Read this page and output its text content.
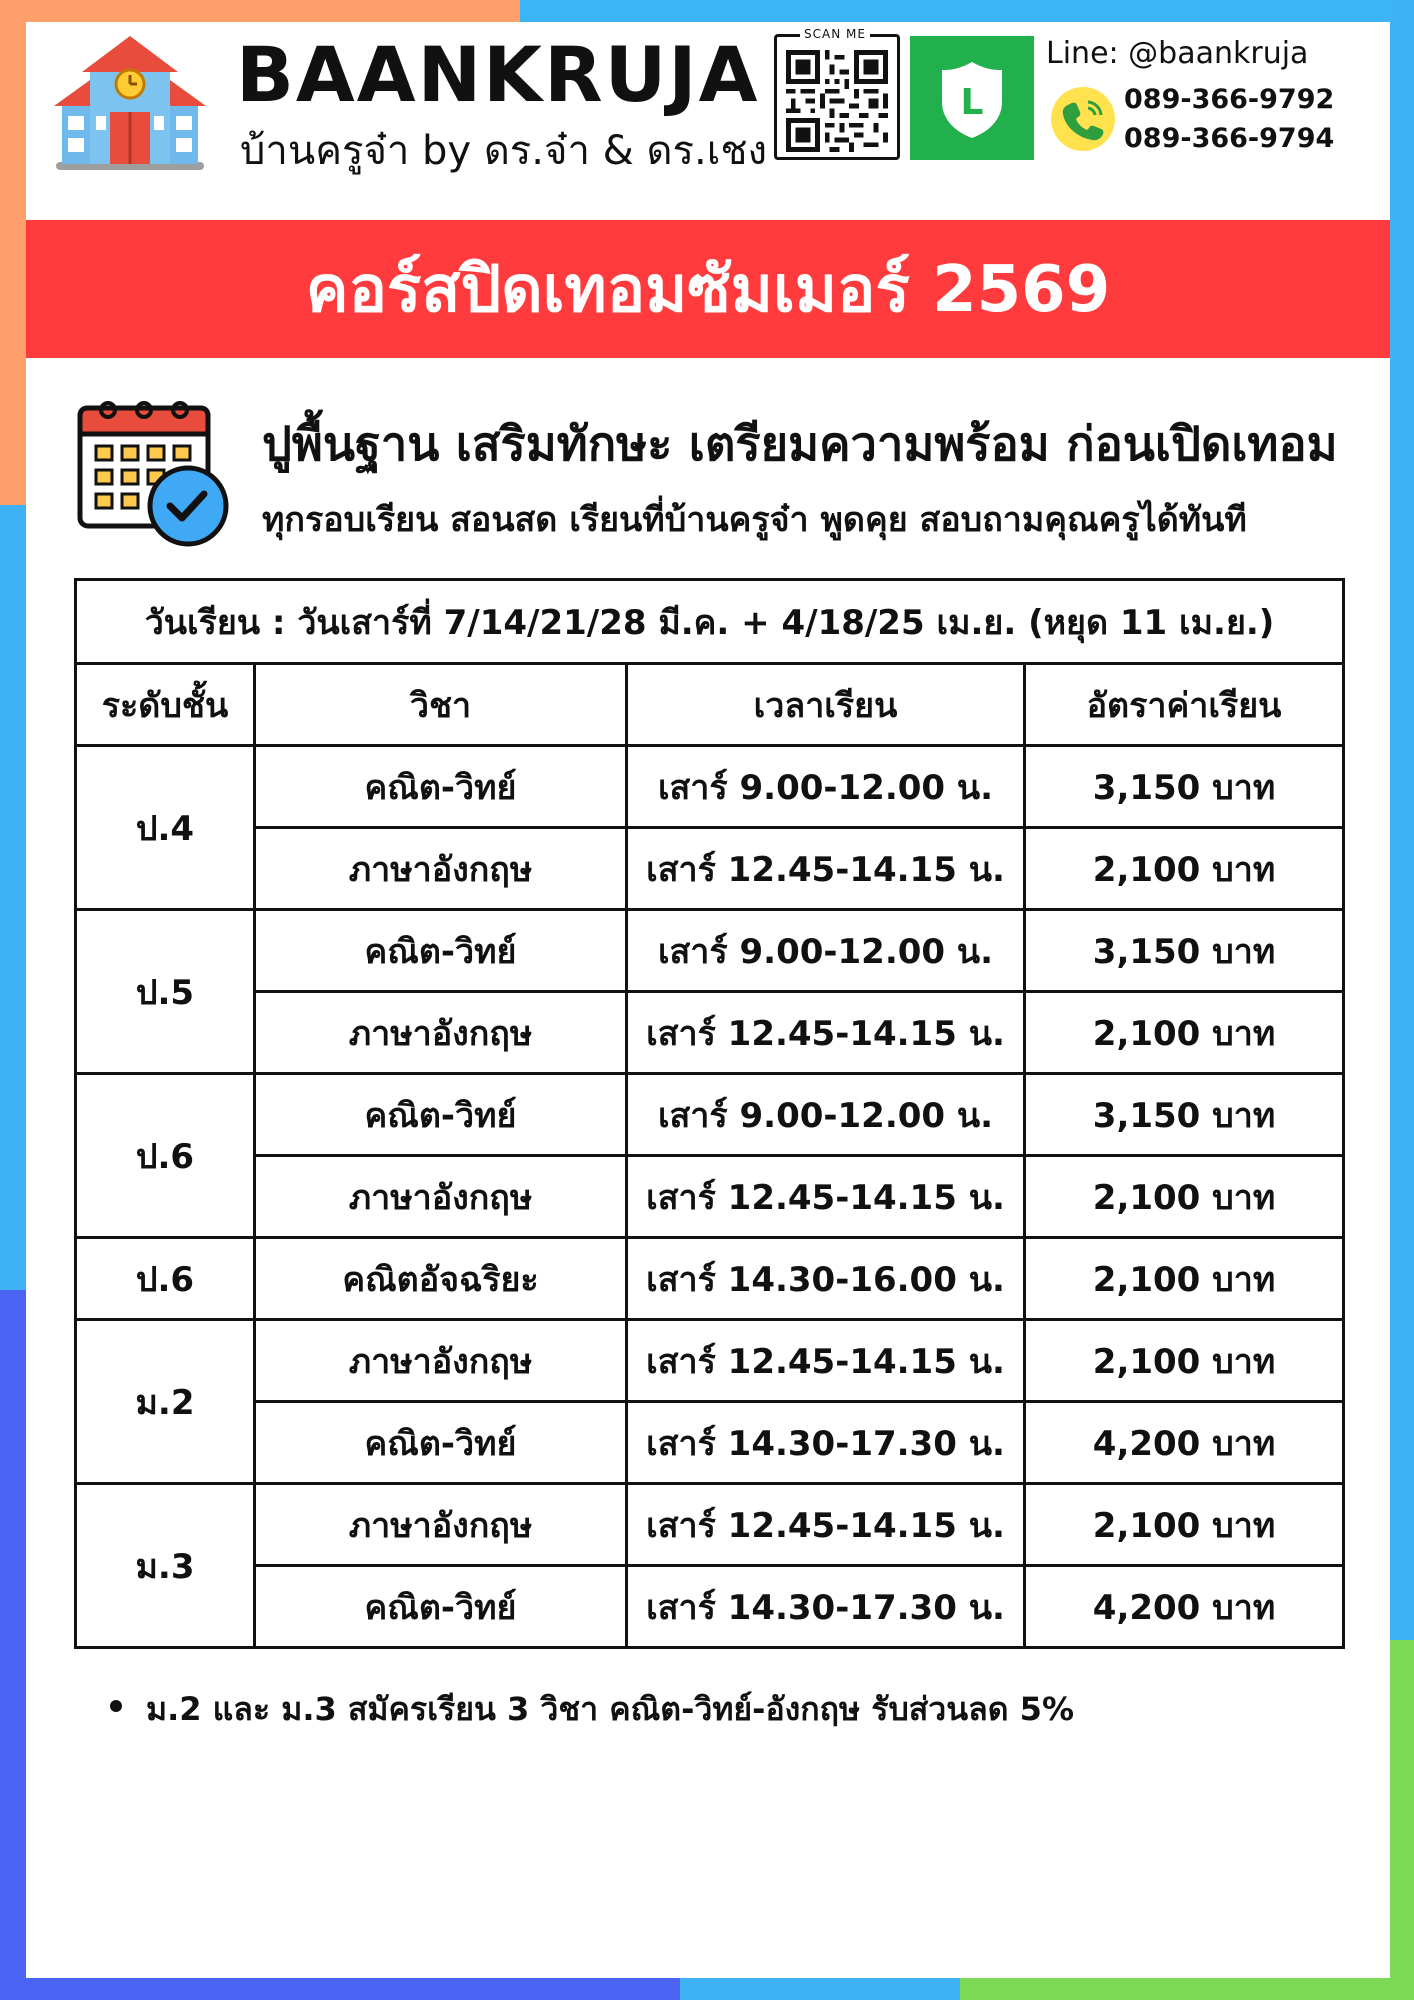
BAANKRUJA
บ้านครูจ๋า by ดร.จ๋า & ดร.เชง
SCAN ME
L
Line: @baankruja
089-366-9792
089-366-9794
คอร์สปิดเทอมซัมเมอร์ 2569
ปูพื้นฐาน เสริมทักษะ เตรียมความพร้อม ก่อนเปิดเทอม
ทุกรอบเรียน สอนสด เรียนที่บ้านครูจ๋า พูดคุย สอบถามคุณครูได้ทันที
วันเรียน : วันเสาร์ที่ 7/14/21/28 มี.ค. + 4/18/25 เม.ย. (หยุด 11 เม.ย.)			
ระดับชั้น	วิชา	เวลาเรียน	อัตราค่าเรียน
ป.4	คณิต-วิทย์	เสาร์ 9.00-12.00 น.	3,150 บาท
	ภาษาอังกฤษ	เสาร์ 12.45-14.15 น.	2,100 บาท
ป.5	คณิต-วิทย์	เสาร์ 9.00-12.00 น.	3,150 บาท
	ภาษาอังกฤษ	เสาร์ 12.45-14.15 น.	2,100 บาท
ป.6	คณิต-วิทย์	เสาร์ 9.00-12.00 น.	3,150 บาท
	ภาษาอังกฤษ	เสาร์ 12.45-14.15 น.	2,100 บาท
ป.6	คณิตอัจฉริยะ	เสาร์ 14.30-16.00 น.	2,100 บาท
ม.2	ภาษาอังกฤษ	เสาร์ 12.45-14.15 น.	2,100 บาท
	คณิต-วิทย์	เสาร์ 14.30-17.30 น.	4,200 บาท
ม.3	ภาษาอังกฤษ	เสาร์ 12.45-14.15 น.	2,100 บาท
	คณิต-วิทย์	เสาร์ 14.30-17.30 น.	4,200 บาท
ม.2 และ ม.3 สมัครเรียน 3 วิชา คณิต-วิทย์-อังกฤษ รับส่วนลด 5%
